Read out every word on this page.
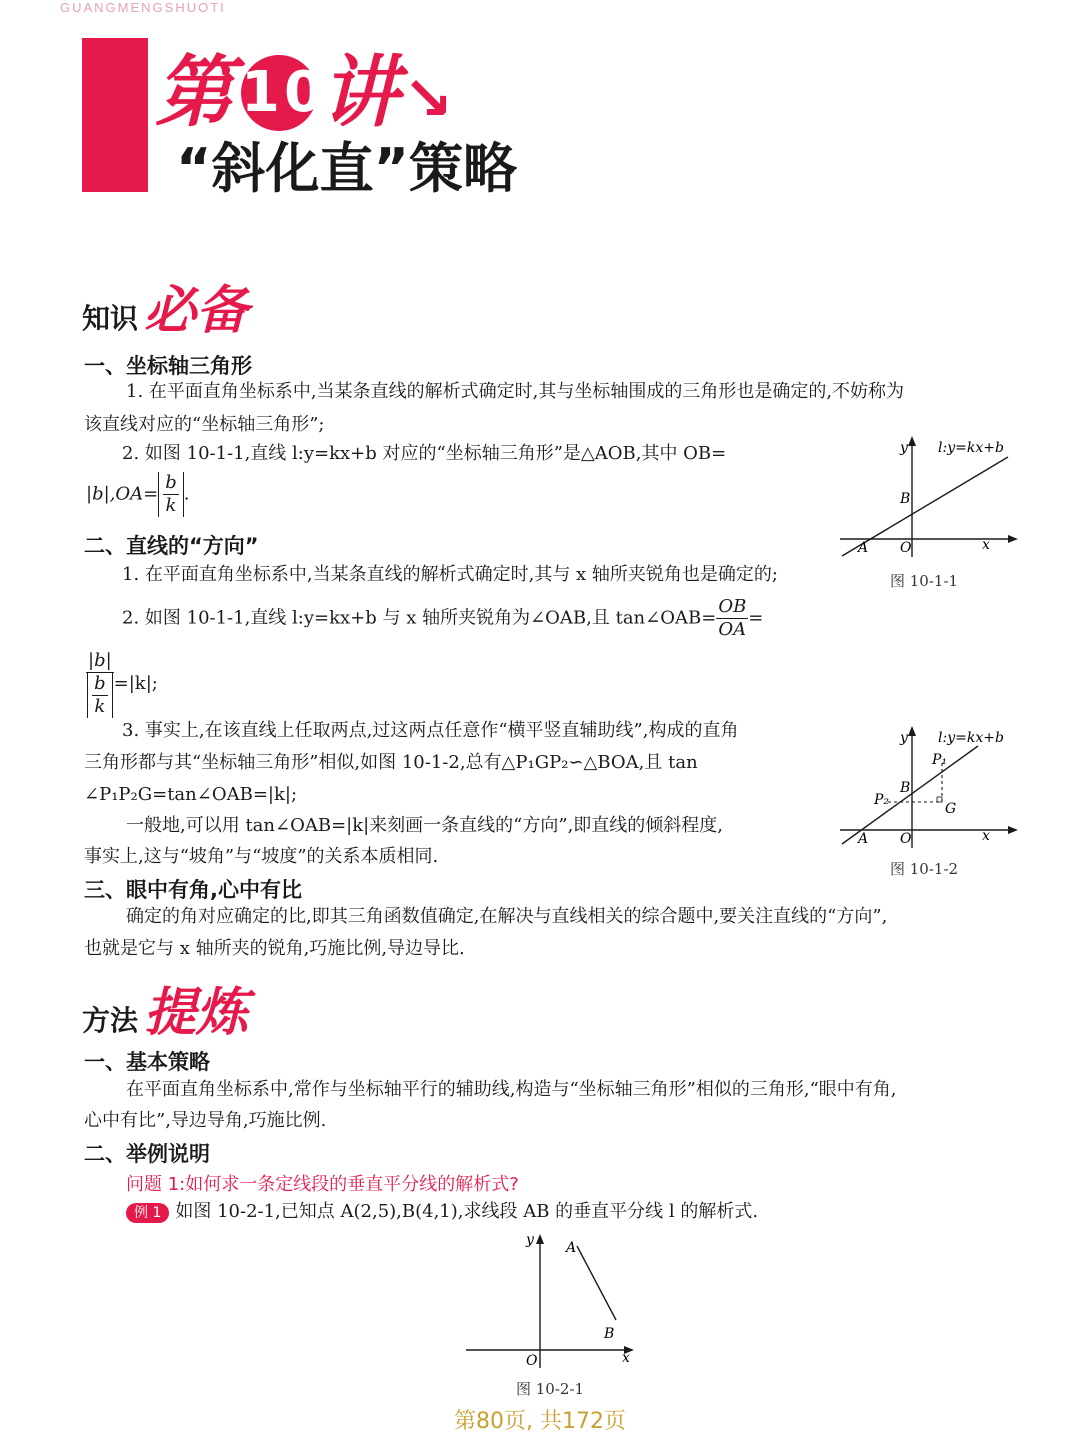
GUANGMENGSHUOTI
第10讲↘
“斜化直”策略
知识 必备
一、坐标轴三角形
1. 在平面直角坐标系中,当某条直线的解析式确定时,其与坐标轴围成的三角形也是确定的,不妨称为
该直线对应的“坐标轴三角形”;
2. 如图 10-1-1,直线 l:y=kx+b 对应的“坐标轴三角形”是△AOB,其中 OB=
$|b|,OA= \frac{b}{k}$ .
y l:y=kx+b
B
A O	x
图 10-1-1
二、直线的“方向”
1. 在平面直角坐标系中,当某条直线的解析式确定时,其与 x 轴所夹锐角也是确定的;
2. 如图 10-1-1,直线 l:y=kx+b 与 x 轴所夹锐角为∠OAB,且 tan∠OAB= $\frac{OB}{OA}$ =
$\frac{|b|}{\frac{b}{k}} =|k|$;
3. 事实上,在该直线上任取两点,过这两点任意作“横平竖直辅助线”,构成的直角
三角形都与其“坐标轴三角形”相似,如图 10-1-2,总有△P₁GP₂∽△BOA,且 tan
∠P₁P₂G=tan∠OAB=|k|;
一般地,可以用 tan∠OAB=|k|来刻画一条直线的“方向”,即直线的倾斜程度,
事实上,这与“坡角”与“坡度”的关系本质相同.
y l:y=kx+b
P₁
B
P₂
G
A O	x
图 10-1-2
三、眼中有角,心中有比
确定的角对应确定的比,即其三角函数值确定,在解决与直线相关的综合题中,要关注直线的“方向”,
也就是它与 x 轴所夹的锐角,巧施比例,导边导比.
方法 提炼
一、基本策略
在平面直角坐标系中,常作与坐标轴平行的辅助线,构造与“坐标轴三角形”相似的三角形,“眼中有角,
心中有比”,导边导角,巧施比例.
二、举例说明
问题 1:如何求一条定线段的垂直平分线的解析式?
例 1 如图 10-2-1,已知点 A(2,5),B(4,1),求线段 AB 的垂直平分线 l 的解析式.
y A
B
O	x
图 10-2-1
第80页, 共172页
